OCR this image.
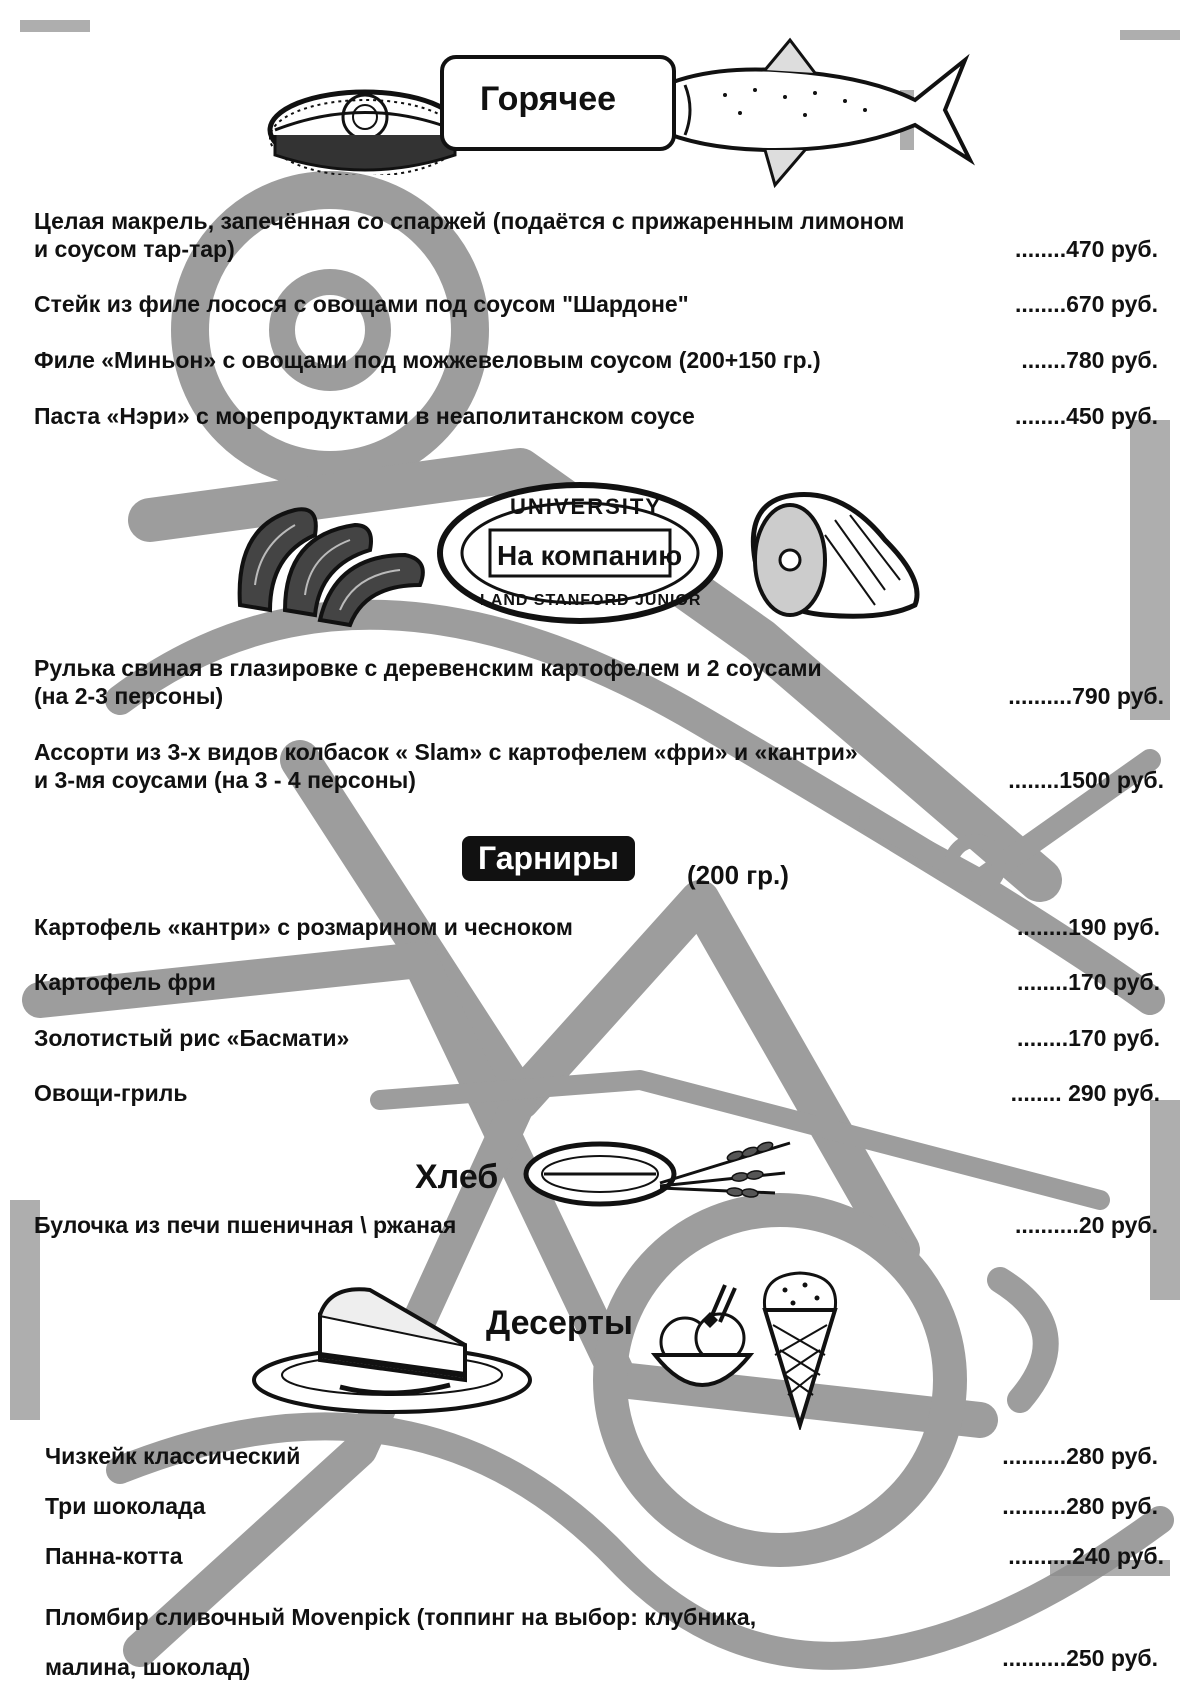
Горячее
Целая макрель, запечённая со спаржей (подаётся с прижаренным лимоном
и соусом тар-тар)	........470 руб.
Стейк из филе лосося с овощами под соусом "Шардоне"	........670 руб.
Филе «Миньон» с овощами под можжевеловым соусом (200+150 гр.)	.......780 руб.
Паста «Нэри» с морепродуктами в неаполитанском соусе	........450 руб.
На компанию
UNIVERSITY
LAND STANFORD JUNIOR
Рулька свиная в глазировке с деревенским картофелем и 2 соусами
(на 2-3 персоны)	..........790 руб.
Ассорти из 3-х видов колбасок « Slam» с картофелем «фри» и «кантри»
и 3-мя соусами (на 3 - 4 персоны)	........1500 руб.
Гарниры	(200 гр.)
Картофель «кантри» с розмарином и чесноком	........190 руб.
Картофель фри	........170 руб.
Золотистый рис «Басмати»	........170 руб.
Овощи-гриль	........ 290 руб.
Хлеб
Булочка из печи пшеничная \ ржаная	..........20 руб.
Десерты
Чизкейк классический	..........280 руб.
Три шоколада	..........280 руб.
Панна-котта	..........240 руб.
Пломбир сливочный Movenpick (топпинг на выбор: клубника,
малина, шоколад)	..........250 руб.
